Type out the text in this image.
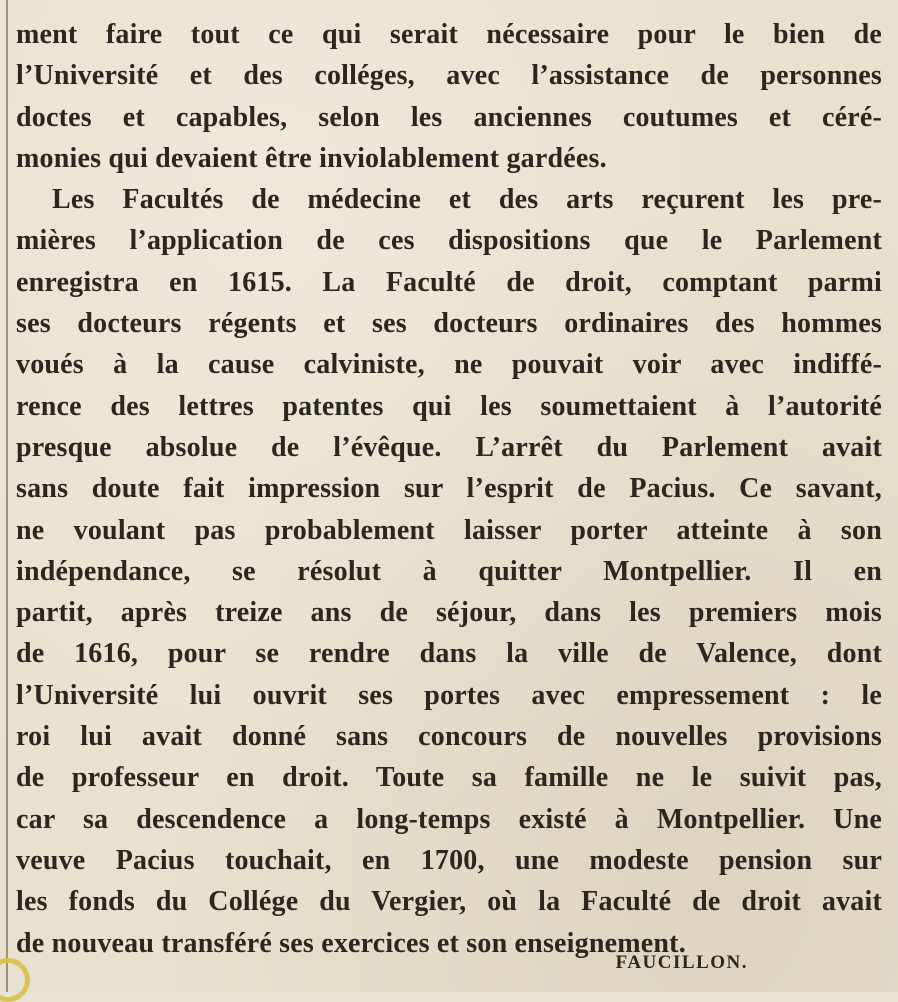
ment faire tout ce qui serait nécessaire pour le bien de
l’Université et des colléges, avec l’assistance de personnes
doctes et capables, selon les anciennes coutumes et céré-
monies qui devaient être inviolablement gardées.
Les Facultés de médecine et des arts reçurent les pre-
mières l’application de ces dispositions que le Parlement
enregistra en 1615. La Faculté de droit, comptant parmi
ses docteurs régents et ses docteurs ordinaires des hommes
voués à la cause calviniste, ne pouvait voir avec indiffé-
rence des lettres patentes qui les soumettaient à l’autorité
presque absolue de l’évêque. L’arrêt du Parlement avait
sans doute fait impression sur l’esprit de Pacius. Ce savant,
ne voulant pas probablement laisser porter atteinte à son
indépendance, se résolut à quitter Montpellier. Il en
partit, après treize ans de séjour, dans les premiers mois
de 1616, pour se rendre dans la ville de Valence, dont
l’Université lui ouvrit ses portes avec empressement : le
roi lui avait donné sans concours de nouvelles provisions
de professeur en droit. Toute sa famille ne le suivit pas,
car sa descendence a long-temps existé à Montpellier. Une
veuve Pacius touchait, en 1700, une modeste pension sur
les fonds du Collége du Vergier, où la Faculté de droit avait
de nouveau transféré ses exercices et son enseignement.
FAUCILLON.
